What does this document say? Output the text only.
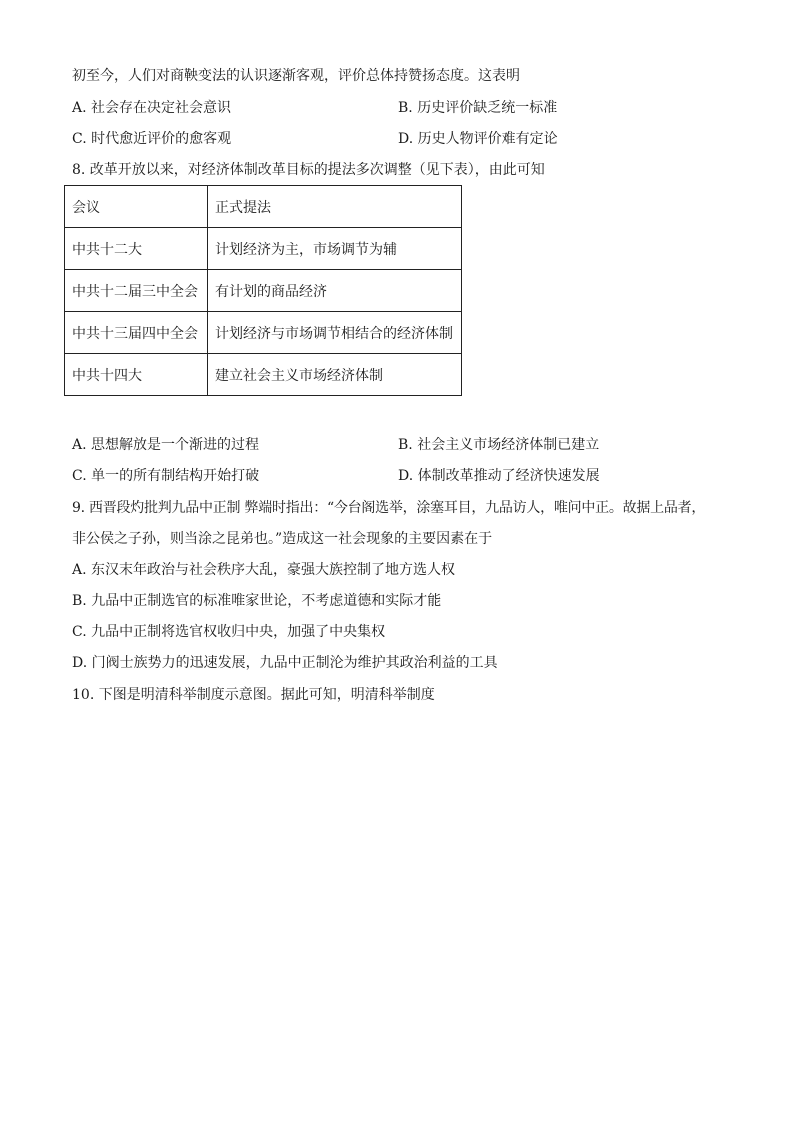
初至今，人们对商鞅变法的认识逐渐客观，评价总体持赞扬态度。这表明
A. 社会存在决定社会意识	B. 历史评价缺乏统一标准
C. 时代愈近评价的愈客观	D. 历史人物评价难有定论
8. 改革开放以来，对经济体制改革目标的提法多次调整（见下表），由此可知
会议	正式提法
中共十二大	计划经济为主，市场调节为辅
中共十二届三中全会	有计划的商品经济
中共十三届四中全会	计划经济与市场调节相结合的经济体制
中共十四大	建立社会主义市场经济体制
A. 思想解放是一个渐进的过程	B. 社会主义市场经济体制已建立
C. 单一的所有制结构开始打破	D. 体制改革推动了经济快速发展
9. 西晋段灼批判九品中正制 弊端时指出：“今台阁选举，涂塞耳目，九品访人，唯问中正。故据上品者，
非公侯之子孙，则当涂之昆弟也。”造成这一社会现象的主要因素在于
A. 东汉末年政治与社会秩序大乱，豪强大族控制了地方选人权
B. 九品中正制选官的标准唯家世论，不考虑道德和实际才能
C. 九品中正制将选官权收归中央，加强了中央集权
D. 门阀士族势力的迅速发展，九品中正制沦为维护其政治利益的工具
10. 下图是明清科举制度示意图。据此可知，明清科举制度
